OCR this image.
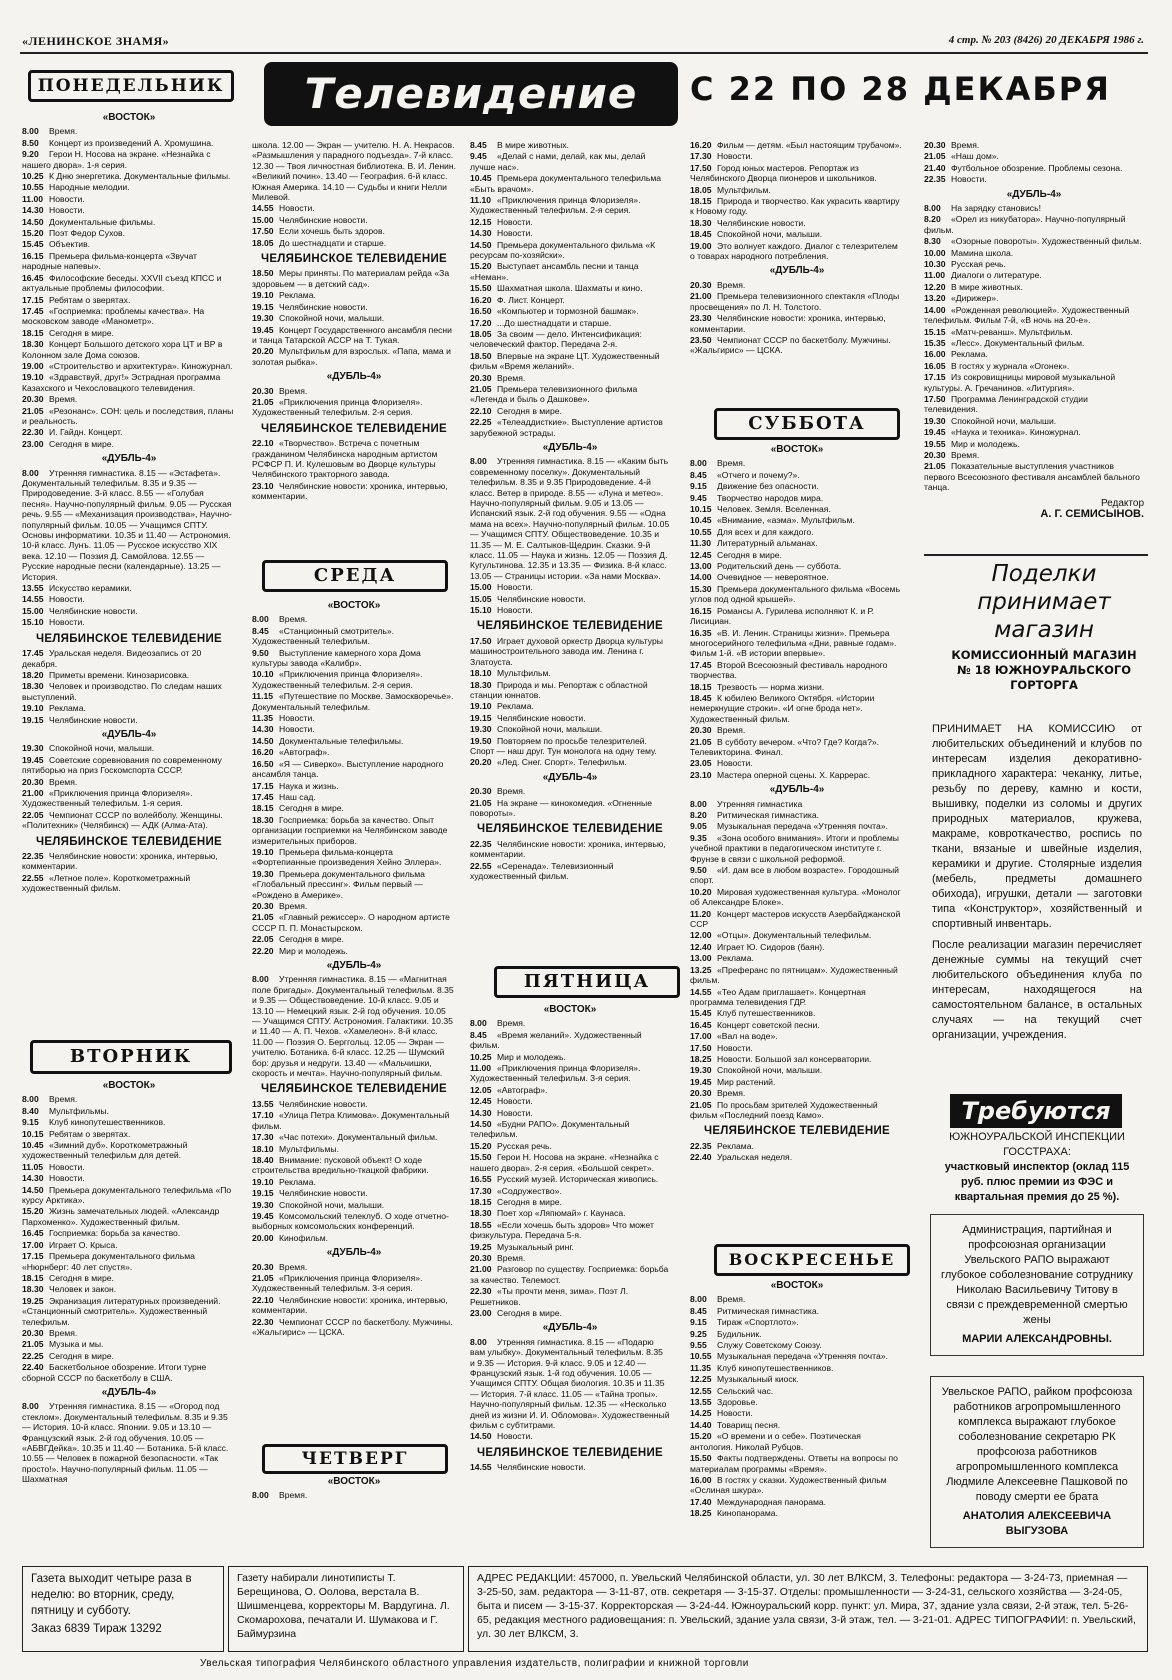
«ЛЕНИНСКОЕ ЗНАМЯ»	4 стр. № 203 (8426) 20 ДЕКАБРЯ 1986 г.
Телевидение	С 22 ПО 28 ДЕКАБРЯ
ПОНЕДЕЛЬНИК
«ВОСТОК»
8.00 Время.
8.50 Концерт из произведений А. Хромушина.
9.20 Герои Н. Носова на экране. «Незнайка с нашего двора». 1-я серия.
10.25 К Дню энергетика. Документальные фильмы.
10.55 Народные мелодии.
11.00 Новости.
14.30 Новости.
14.50 Документальные фильмы.
15.20 Поэт Федор Сухов.
15.45 Объектив.
16.15 Премьера фильма-концерта «Звучат народные напевы».
16.45 Философские беседы. XXVII съезд КПСС и актуальные проблемы философии.
17.15 Ребятам о зверятах.
17.45 «Госприемка: проблемы качества». На московском заводе «Манометр».
18.15 Сегодня в мире.
18.30 Концерт Большого детского хора ЦТ и ВР в Колонном зале Дома союзов.
19.00 «Строительство и архитектура». Киножурнал.
19.10 «Здравствуй, друг!» Эстрадная программа Казахского и Чехословацкого телевидения.
20.30 Время.
21.05 «Резонанс». СОН: цель и последствия, планы и реальность.
22.30 И. Гайдн. Концерт.
23.00 Сегодня в мире.
«ДУБЛЬ-4»
8.00 Утренняя гимнастика. 8.15 — «Эстафета». Документальный телефильм. 8.35 и 9.35 — Природоведение. 3-й класс. 8.55 — «Голубая песня». Научно-популярный фильм. 9.05 — Русская речь. 9.55 — «Механизация производства», Научно-популярный фильм. 10.05 — Учащимся СПТУ. Основы информатики. 10.35 и 11.40 — Астрономия. 10-й класс. Лунъ. 11.05 — Русское искусство XIX века. 12.10 — Поэзия Д. Самойлова. 12.55 — Русские народные песни (календарные). 13.25 — История.
13.55 Искусство керамики.
14.55 Новости.
15.00 Челябинские новости.
15.10 Новости.
ЧЕЛЯБИНСКОЕ ТЕЛЕВИДЕНИЕ
17.45 Уральская неделя. Видеозапись от 20 декабря.
18.20 Приметы времени. Кинозарисовка.
18.30 Человек и производство. По следам наших выступлений.
19.10 Реклама.
19.15 Челябинские новости.
«ДУБЛЬ-4»
19.30 Спокойной ночи, малыши.
19.45 Советские соревнования по современному пятиборью на приз Госкомспорта СССР.
20.30 Время.
21.00 «Приключения принца Флоризеля». Художественный телефильм. 1-я серия.
22.05 Чемпионат СССР по волейболу. Женщины. «Политехник» (Челябинск) — АДК (Алма-Ата).
ЧЕЛЯБИНСКОЕ ТЕЛЕВИДЕНИЕ
22.35 Челябинские новости: хроника, интервью, комментарии.
22.55 «Летное поле». Короткометражный художественный фильм.
ВТОРНИК
«ВОСТОК»
8.00 Время.
8.40 Мультфильмы.
9.15 Клуб кинопутешественников.
10.15 Ребятам о зверятах.
10.45 «Зимний дуб». Короткометражный художественный телефильм для детей.
11.05 Новости.
14.30 Новости.
14.50 Премьера документального телефильма «По курсу Арктика».
15.20 Жизнь замечательных людей. «Александр Пархоменко». Художественный фильм.
16.45 Госприемка: борьба за качество.
17.00 Играет О. Крыса.
17.15 Премьера документального фильма «Нюрнберг: 40 лет спустя».
18.15 Сегодня в мире.
18.30 Человек и закон.
19.25 Экранизация литературных произведений. «Станционный смотритель». Художественный телефильм.
20.30 Время.
21.05 Музыка и мы.
22.25 Сегодня в мире.
22.40 Баскетбольное обозрение. Итоги турне сборной СССР по баскетболу в США.
«ДУБЛЬ-4»
8.00 Утренняя гимнастика. 8.15 — «Огород под стеклом». Документальный телефильм. 8.35 и 9.35 — История. 10-й класс. Японии. 9.05 и 13.10 — Французский язык. 2-й год обучения. 10.05 — «АБВГДейка». 10.35 и 11.40 — Ботаника. 5-й класс. 10.55 — Человек в пожарной безопасности. «Так просто!». Научно-популярный фильм. 11.05 — Шахматная
школа. 12.00 — Экран — учителю. Н. А. Некрасов. «Размышления у парадного подъезда». 7-й класс. 12.30 — Твоя личностная библиотека. В. И. Ленин. «Великий почин». 13.40 — География. 6-й класс. Южная Америка. 14.10 — Судьбы и книги Нелли Милевой.
14.55 Новости.
15.00 Челябинские новости.
17.50 Если хочешь быть здоров.
18.05 До шестнадцати и старше.
ЧЕЛЯБИНСКОЕ ТЕЛЕВИДЕНИЕ
18.50 Меры приняты. По материалам рейда «За здоровьем — в детский сад».
19.10 Реклама.
19.15 Челябинские новости.
19.30 Спокойной ночи, малыши.
19.45 Концерт Государственного ансамбля песни и танца Татарской АССР на Т. Тукая.
20.20 Мультфильм для взрослых. «Папа, мама и золотая рыбка».
«ДУБЛЬ-4»
20.30 Время.
21.05 «Приключения принца Флоризеля». Художественный телефильм. 2-я серия.
ЧЕЛЯБИНСКОЕ ТЕЛЕВИДЕНИЕ
22.10 «Творчество». Встреча с почетным гражданином Челябинска народным артистом РСФСР П. И. Кулешовым во Дворце культуры Челябинского тракторного завода.
23.10 Челябинские новости: хроника, интервью, комментарии.
СРЕДА
«ВОСТОК»
8.00 Время.
8.45 «Станционный смотритель». Художественный телефильм.
9.50 Выступление камерного хора Дома культуры завода «Калибр».
10.10 «Приключения принца Флоризеля». Художественный телефильм. 2-я серия.
11.15 «Путешествие по Москве. Замоскворечье». Документальный телефильм.
11.35 Новости.
14.30 Новости.
14.50 Документальные телефильмы.
16.20 «Автограф».
16.50 «Я — Сиверко». Выступление народного ансамбля танца.
17.15 Наука и жизнь.
17.45 Наш сад.
18.15 Сегодня в мире.
18.30 Госприемка: борьба за качество. Опыт организации госприемки на Челябинском заводе измерительных приборов.
19.10 Премьера фильма-концерта «Фортепианные произведения Хейно Эллера».
19.30 Премьера документального фильма «Глобальный прессинг». Фильм первый — «Рождено в Америке».
20.30 Время.
21.05 «Главный режиссер». О народном артисте СССР П. П. Монастырском.
22.05 Сегодня в мире.
22.20 Мир и молодежь.
«ДУБЛЬ-4»
8.00 Утренняя гимнастика. 8.15 — «Магнитная поле бригады». Документальный телефильм. 8.35 и 9.35 — Обществоведение. 10-й класс. 9.05 и 13.10 — Немецкий язык. 2-й год обучения. 10.05 — Учащимся СПТУ. Астрономия. Галактики. 10.35 и 11.40 — А. П. Чехов. «Хамелеон». 8-й класс. 11.00 — Поэзия О. Берггольц. 12.05 — Экран — учителю. Ботаника. 6-й класс. 12.25 — Шумский бор: друзья и недруги. 13.40 — «Мальчишки, скорость и мечта». Научно-популярный фильм.
ЧЕЛЯБИНСКОЕ ТЕЛЕВИДЕНИЕ
13.55 Челябинские новости.
17.10 «Улица Петра Климова». Документальный фильм.
17.30 «Час потехи». Документальный фильм.
18.10 Мультфильмы.
18.40 Внимание: пусковой объект! О ходе строительства вредильно-ткацкой фабрики.
19.10 Реклама.
19.15 Челябинские новости.
19.30 Спокойной ночи, малыши.
19.45 Комсомольский телеклуб. О ходе отчетно-выборных комсомольских конференций.
20.00 Кинофильм.
«ДУБЛЬ-4»
20.30 Время.
21.05 «Приключения принца Флоризеля». Художественный телефильм. 3-я серия.
22.10 Челябинские новости: хроника, интервью, комментарии.
22.30 Чемпионат СССР по баскетболу. Мужчины. «Жальгирис» — ЦСКА.
ЧЕТВЕРГ
«ВОСТОК»
8.00 Время.
8.45 В мире животных.
9.45 «Делай с нами, делай, как мы, делай лучше нас».
10.45 Премьера документального телефильма «Быть врачом».
11.10 «Приключения принца Флоризеля». Художественный телефильм. 2-я серия.
12.15 Новости.
14.30 Новости.
14.50 Премьера документального фильма «К ресурсам по-хозяйски».
15.20 Выступает ансамбль песни и танца «Неман».
15.50 Шахматная школа. Шахматы и кино.
16.20 Ф. Лист. Концерт.
16.50 «Компьютер и тормозной башмак».
17.20 ...До шестнадцати и старше.
18.05 За своим — дело. Интенсификация: человеческий фактор. Передача 2-я.
18.50 Впервые на экране ЦТ. Художественный фильм «Время желаний».
20.30 Время.
21.05 Премьера телевизионного фильма «Легенда и быль о Дашкове».
22.10 Сегодня в мире.
22.25 «Телеаддисткие». Выступление артистов зарубежной эстрады.
«ДУБЛЬ-4»
8.00 Утренняя гимнастика. 8.15 — «Каким быть современному поселку». Документальный телефильм. 8.35 и 9.35 Природоведение. 4-й класс. Ветер в природе. 8.55 — «Луна и метео». Научно-популярный фильм. 9.05 и 13.05 — Испанский язык. 2-й год обучения. 9.55 — «Одна мама на всех». Научно-популярный фильм. 10.05 — Учащимся СПТУ. Обществоведение. 10.35 и 11.35 — М. Е. Салтыков-Щедрин. Сказки. 9-й класс. 11.05 — Наука и жизнь. 12.05 — Поэзия Д. Кугультинова. 12.35 и 13.35 — Физика. 8-й класс. 13.05 — Страницы истории. «За нами Москва».
15.00 Новости.
15.05 Челябинские новости.
15.10 Новости.
ЧЕЛЯБИНСКОЕ ТЕЛЕВИДЕНИЕ
17.50 Играет духовой оркестр Дворца культуры машиностроительного завода им. Ленина г. Златоуста.
18.10 Мультфильм.
18.30 Природа и мы. Репортаж с областной станции юннатов.
19.10 Реклама.
19.15 Челябинские новости.
19.30 Спокойной ночи, малыши.
19.50 Повторяем по просьбе телезрителей. Спорт — наш друг. Тун монолога на одну тему.
20.20 «Лед. Снег. Спорт». Телефильм.
«ДУБЛЬ-4»
20.30 Время.
21.05 На экране — кинокомедия. «Огненные повороты».
ЧЕЛЯБИНСКОЕ ТЕЛЕВИДЕНИЕ
22.35 Челябинские новости: хроника, интервью, комментарии.
22.55 «Серенада». Телевизионный художественный фильм.
ПЯТНИЦА
«ВОСТОК»
8.00 Время.
8.45 «Время желаний». Художественный фильм.
10.25 Мир и молодежь.
11.00 «Приключения принца Флоризеля». Художественный телефильм. 3-я серия.
12.05 «Автограф».
12.45 Новости.
14.30 Новости.
14.50 «Будни РАПО». Документальный телефильм.
15.20 Русская речь.
15.50 Герои Н. Носова на экране. «Незнайка с нашего двора». 2-я серия. «Большой секрет».
16.55 Русский музей. Историческая живопись.
17.30 «Содружество».
18.15 Сегодня в мире.
18.30 Поет хор «Ляпюмай» г. Каунаса.
18.55 «Если хочешь быть здоров» Что может физкультура. Передача 5-я.
19.25 Музыкальный ринг.
20.30 Время.
21.00 Разговор по существу. Госприемка: борьба за качество. Телемост.
22.30 «Ты прочти меня, зима». Поэт Л. Решетников.
23.00 Сегодня в мире.
«ДУБЛЬ-4»
8.00 Утренняя гимнастика. 8.15 — «Подарю вам улыбку». Документальный телефильм. 8.35 и 9.35 — История. 9-й класс. 9.05 и 12.40 — Французский язык. 1-й год обучения. 10.05 — Учащимся СПТУ. Общая биология. 10.35 и 11.35 — История. 7-й класс. 11.05 — «Тайна тропы». Научно-популярный фильм. 12.35 — «Несколько дней из жизни И. И. Обломова». Художественный фильм с субтитрами.
14.50 Новости.
ЧЕЛЯБИНСКОЕ ТЕЛЕВИДЕНИЕ
14.55 Челябинские новости.
16.20 Фильм — детям. «Был настоящим трубачом».
17.30 Новости.
17.50 Город юных мастеров. Репортаж из Челябинского Дворца пионеров и школьников.
18.05 Мультфильм.
18.15 Природа и творчество. Как украсить квартиру к Новому году.
18.30 Челябинские новости.
18.45 Спокойной ночи, малыши.
19.00 Это волнует каждого. Диалог с телезрителем о товарах народного потребления.
«ДУБЛЬ-4»
20.30 Время.
21.00 Премьера телевизионного спектакля «Плоды просвещения» по Л. Н. Толстого.
23.30 Челябинские новости: хроника, интервью, комментарии.
23.50 Чемпионат СССР по баскетболу. Мужчины. «Жальгирис» — ЦСКА.
СУББОТА
«ВОСТОК»
8.00 Время.
8.45 «Отчего и почему?».
9.15 Движение без опасности.
9.45 Творчество народов мира.
10.15 Человек. Земля. Вселенная.
10.45 «Внимание, «аэма». Мультфильм.
10.55 Для всех и для каждого.
11.30 Литературный альманах.
12.45 Сегодня в мире.
13.00 Родительский день — суббота.
14.00 Очевидное — невероятное.
15.30 Премьера документального фильма «Восемь углов под одной крышей».
16.15 Романсы А. Гурилева исполняют К. и Р. Лисициан.
16.35 «В. И. Ленин. Страницы жизни». Премьера многосерийного телефильма «Дни, равные годам». Фильм 1-й. «В истории впервые».
17.45 Второй Всесоюзный фестиваль народного творчества.
18.15 Трезвость — норма жизни.
18.45 К юбилею Великого Октября. «Истории немеркнущие строки». «И огне брода нет». Художественный фильм.
20.30 Время.
21.05 В субботу вечером. «Что? Где? Когда?». Телевикторина. Финал.
23.05 Новости.
23.10 Мастера оперной сцены. Х. Каррерас.
«ДУБЛЬ-4»
8.00 Утренняя гимнастика
8.20 Ритмическая гимнастика.
9.05 Музыкальная передача «Утренняя почта».
9.35 «Зона особого внимания». Итоги и проблемы учебной практики в педагогическом институте г. Фрунзе в связи с школьной реформой.
9.50 «И. дам все в любом возрасте». Городошный спорт.
10.20 Мировая художественная культура. «Монолог об Александре Блоке».
11.20 Концерт мастеров искусств Азербайджанской ССР
12.00 «Отцы». Документальный телефильм.
12.40 Играет Ю. Сидоров (баян).
13.00 Реклама.
13.25 «Преферанс по пятницам». Художественный фильм.
14.55 «Тео Адам приглашает». Концертная программа телевидения ГДР.
15.45 Клуб путешественников.
16.45 Концерт советской песни.
17.00 «Вал на воде».
17.50 Новости.
18.25 Новости. Большой зал консерватории.
19.30 Спокойной ночи, малыши.
19.45 Мир растений.
20.30 Время.
21.05 По просьбам зрителей Художественный фильм «Последний поезд Камо».
ЧЕЛЯБИНСКОЕ ТЕЛЕВИДЕНИЕ
22.35 Реклама.
22.40 Уральская неделя.
ВОСКРЕСЕНЬЕ
«ВОСТОК»
8.00 Время.
8.45 Ритмическая гимнастика.
9.15 Тираж «Спортлото».
9.25 Будильник.
9.55 Служу Советскому Союзу.
10.55 Музыкальная передача «Утренняя почта».
11.35 Клуб кинопутешественников.
12.25 Музыкальный киоск.
12.55 Сельский час.
13.55 Здоровье.
14.25 Новости.
14.40 Товарищ песня.
15.20 «О времени и о себе». Поэтическая антология. Николай Рубцов.
15.50 Факты подтверждены. Ответы на вопросы по материалам программы «Время».
16.00 В гостях у сказки. Художественный фильм «Ослиная шкура».
17.40 Международная панорама.
18.25 Кинопанорама.
20.30 Время.
21.05 «Наш дом».
21.40 Футбольное обозрение. Проблемы сезона.
22.35 Новости.
«ДУБЛЬ-4»
8.00 На зарядку становись!
8.20 «Орел из никубатора». Научно-популярный фильм.
8.30 «Озорные повороты». Художественный фильм.
10.00 Мамина школа.
10.30 Русская речь.
11.00 Диалоги о литературе.
12.20 В мире животных.
13.20 «Дирижер».
14.00 «Рожденная революцией». Художественный телефильм. Фильм 7-й, «В ночь на 20-е».
15.15 «Матч-реванш». Мультфильм.
15.35 «Лесс». Документальный фильм.
16.00 Реклама.
16.05 В гостях у журнала «Огонек».
17.15 Из сокровищницы мировой музыкальной культуры. А. Гречанинов. «Литургия».
17.50 Программа Ленинградской студии телевидения.
19.30 Спокойной ночи, малыши.
19.45 «Наука и техника». Киножурнал.
19.55 Мир и молодежь.
20.30 Время.
21.05 Показательные выступления участников первого Всесоюзного фестиваля ансамблей бального танца.
Редактор
А. Г. СЕМИСЫНОВ.
Поделки принимает магазин
КОМИССИОННЫЙ МАГАЗИН № 18 ЮЖНОУРАЛЬСКОГО ГОРТОРГА
ПРИНИМАЕТ НА КОМИССИЮ от любительских объединений и клубов по интересам изделия декоративно-прикладного характера: чеканку, литье, резьбу по дереву, камню и кости, вышивку, поделки из соломы и других природных материалов, кружева, макраме, ковроткачество, роспись по ткани, вязаные и швейные изделия, керамики и другие. Столярные изделия (мебель, предметы домашнего обихода), игрушки, детали — заготовки типа «Конструктор», хозяйственный и спортивный инвентарь.
После реализации магазин перечисляет денежные суммы на текущий счет любительского объединения клуба по интересам, находящегося на самостоятельном балансе, в остальных случаях — на текущий счет организации, учреждения.
Требуются
ЮЖНОУРАЛЬСКОЙ ИНСПЕКЦИИ ГОССТРАХА:
участковый инспектор (оклад 115 руб. плюс премии из ФЭС и квартальная премия до 25 %).
Администрация, партийная и профсоюзная организации Увельского РАПО выражают глубокое соболезнование сотруднику Николаю Васильевичу Титову в связи с преждевременной смертью жены
МАРИИ АЛЕКСАНДРОВНЫ.
Увельское РАПО, райком профсоюза работников агропромышленного комплекса выражают глубокое соболезнование секретарю РК профсоюза работников агропромышленного комплекса Людмиле Алексеевне Пашковой по поводу смерти ее брата
АНАТОЛИЯ АЛЕКСЕЕВИЧА ВЫГУЗОВА
Газета выходит четыре раза в неделю: во вторник, среду, пятницу и субботу.
Заказ 6839 Тираж 13292
Газету набирали линотиписты Т. Берещинова, О. Оолова, верстала В. Шишменцева, корректоры М. Вардугина. Л. Скомарохова, печатали И. Шумакова и Г. Баймурзина
АДРЕС РЕДАКЦИИ: 457000, п. Увельский Челябинской области, ул. 30 лет ВЛКСМ, 3. Телефоны: редактора — 3-24-73, приемная — 3-25-50, зам. редактора — 3-11-87, отв. секретаря — 3-15-37. Отделы: промышленности — 3-24-31, сельского хозяйства — 3-24-05, быта и писем — 3-15-37. Корректорская — 3-24-44. Южноуральский корр. пункт: ул. Мира, 37, здание узла связи, 2-й этаж, тел. 5-26-65, редакция местного радиовещания: п. Увельский, здание узла связи, 3-й этаж, тел. — 3-21-01. АДРЕС ТИПОГРАФИИ: п. Увельский, ул. 30 лет ВЛКСМ, 3.
Увельская типография Челябинского областного управления издательств, полиграфии и книжной торговли
